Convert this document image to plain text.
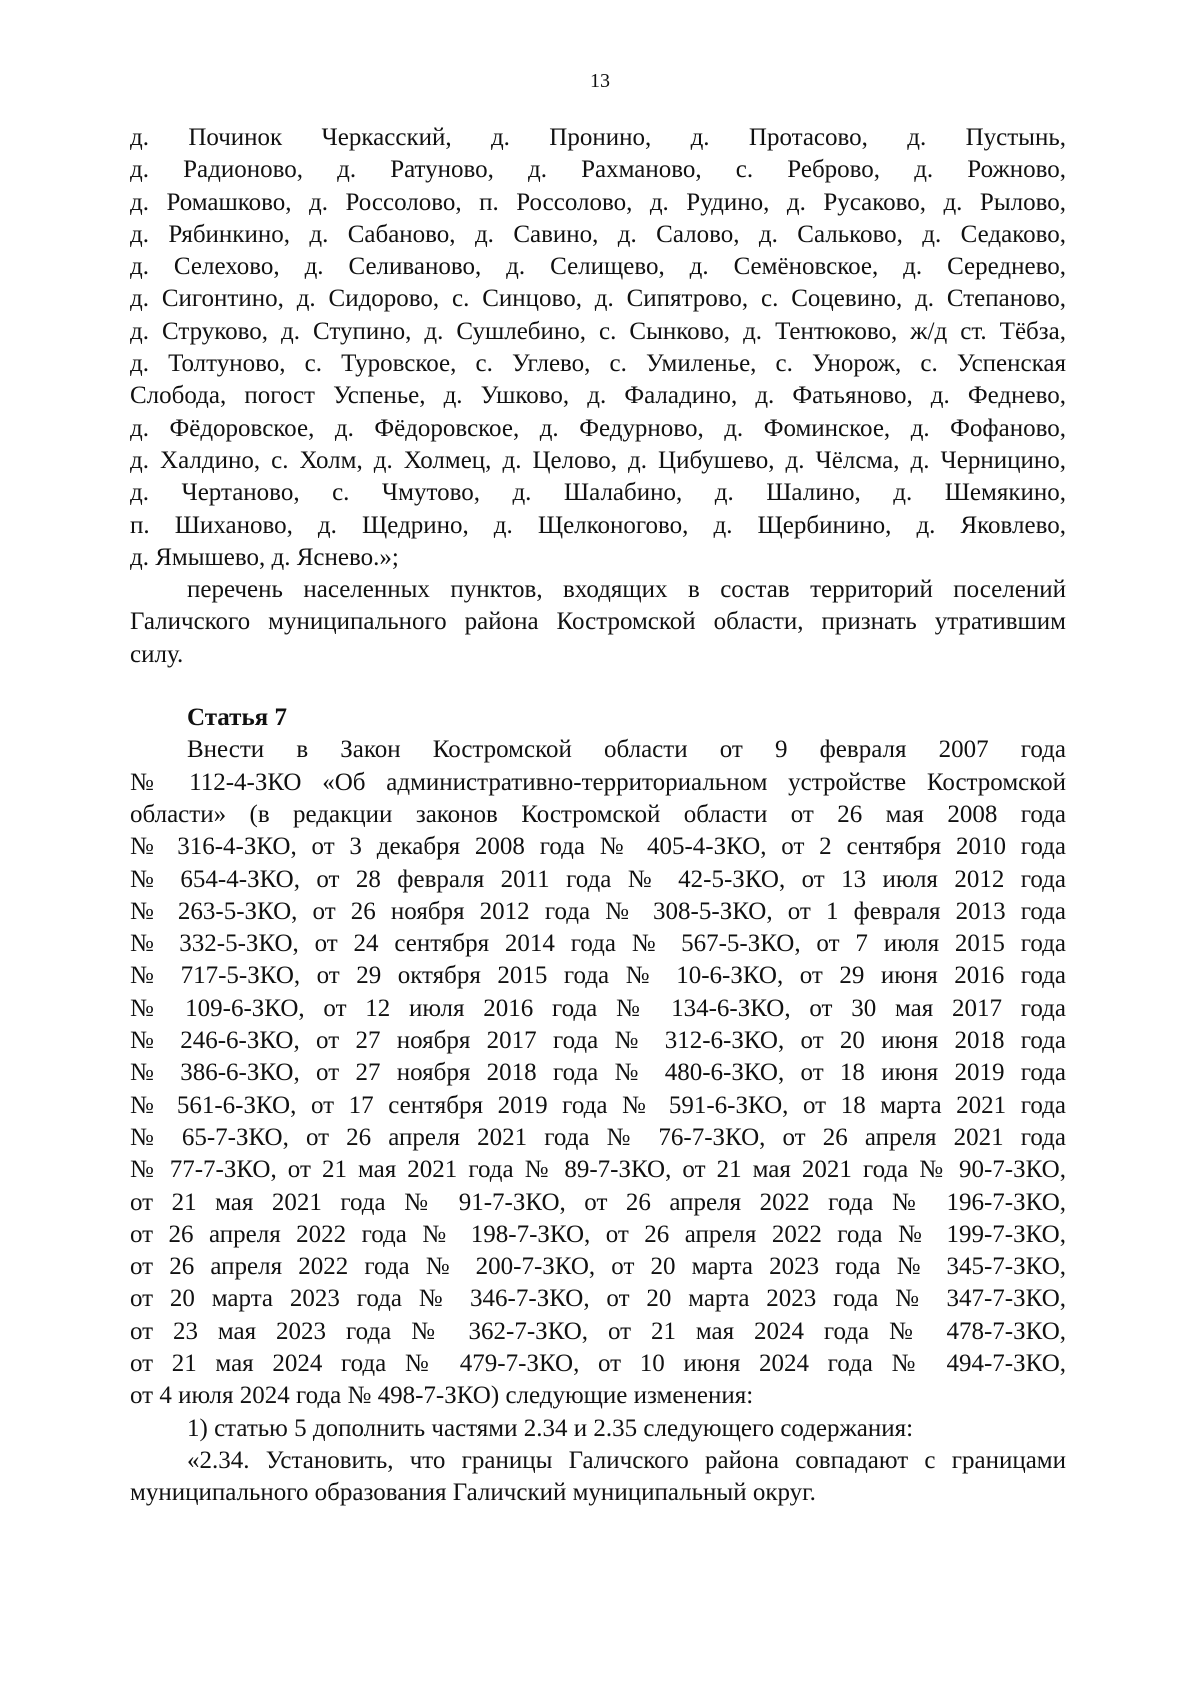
13

д. Починок Черкасский, д. Пронино, д. Протасово, д. Пустынь,

д. Радионово, д. Ратуново, д. Рахманово, с. Реброво, д. Рожново,

д. Ромашково, д. Россолово, п. Россолово, д. Рудино, д. Русаково, д. Рылово,

д. Рябинкино, д. Сабаново, д. Савино, д. Салово, д. Сальково, д. Седаково,

д. Селехово, д. Селиваново, д. Селищево, д. Семёновское, д. Середнево,

д. Сигонтино, д. Сидорово, с. Синцово, д. Сипятрово, с. Соцевино, д. Степаново,

д. Струково, д. Ступино, д. Сушлебино, с. Сынково, д. Тентюково, ж/д ст. Тёбза,

д. Толтуново, с. Туровское, с. Углево, с. Умиленье, с. Унорож, с. Успенская

Слобода, погост Успенье, д. Ушково, д. Фаладино, д. Фатьяново, д. Феднево,

д. Фёдоровское, д. Фёдоровское, д. Федурново, д. Фоминское, д. Фофаново,

д. Халдино, с. Холм, д. Холмец, д. Целово, д. Цибушево, д. Чёлсма, д. Черницино,

д. Чертаново, с. Чмутово, д. Шалабино, д. Шалино, д. Шемякино,

п. Шиханово, д. Щедрино, д. Щелконогово, д. Щербинино, д. Яковлево,

д. Ямышево, д. Яснево.»;

перечень населенных пунктов, входящих в состав территорий поселений

Галичского муниципального района Костромской области, признать утратившим

силу.

Статья 7

Внести в Закон Костромской области от 9 февраля 2007 года

№ 112-4-ЗКО «Об административно-территориальном устройстве Костромской

области» (в редакции законов Костромской области от 26 мая 2008 года

№ 316-4-ЗКО, от 3 декабря 2008 года № 405-4-ЗКО, от 2 сентября 2010 года

№ 654-4-ЗКО, от 28 февраля 2011 года № 42-5-ЗКО, от 13 июля 2012 года

№ 263-5-ЗКО, от 26 ноября 2012 года № 308-5-ЗКО, от 1 февраля 2013 года

№ 332-5-ЗКО, от 24 сентября 2014 года № 567-5-ЗКО, от 7 июля 2015 года

№ 717-5-ЗКО, от 29 октября 2015 года № 10-6-ЗКО, от 29 июня 2016 года

№ 109-6-ЗКО, от 12 июля 2016 года № 134-6-ЗКО, от 30 мая 2017 года

№ 246-6-ЗКО, от 27 ноября 2017 года № 312-6-ЗКО, от 20 июня 2018 года

№ 386-6-ЗКО, от 27 ноября 2018 года № 480-6-ЗКО, от 18 июня 2019 года

№ 561-6-ЗКО, от 17 сентября 2019 года № 591-6-ЗКО, от 18 марта 2021 года

№ 65-7-ЗКО, от 26 апреля 2021 года № 76-7-ЗКО, от 26 апреля 2021 года

№ 77-7-ЗКО, от 21 мая 2021 года № 89-7-ЗКО, от 21 мая 2021 года № 90-7-ЗКО,

от 21 мая 2021 года № 91-7-ЗКО, от 26 апреля 2022 года № 196-7-ЗКО,

от 26 апреля 2022 года № 198-7-ЗКО, от 26 апреля 2022 года № 199-7-ЗКО,

от 26 апреля 2022 года № 200-7-ЗКО, от 20 марта 2023 года № 345-7-ЗКО,

от 20 марта 2023 года № 346-7-ЗКО, от 20 марта 2023 года № 347-7-ЗКО,

от 23 мая 2023 года № 362-7-ЗКО, от 21 мая 2024 года № 478-7-ЗКО,

от 21 мая 2024 года № 479-7-ЗКО, от 10 июня 2024 года № 494-7-ЗКО,

от 4 июля 2024 года № 498-7-ЗКО) следующие изменения:

1) статью 5 дополнить частями 2.34 и 2.35 следующего содержания:

«2.34. Установить, что границы Галичского района совпадают с границами

муниципального образования Галичский муниципальный округ.
